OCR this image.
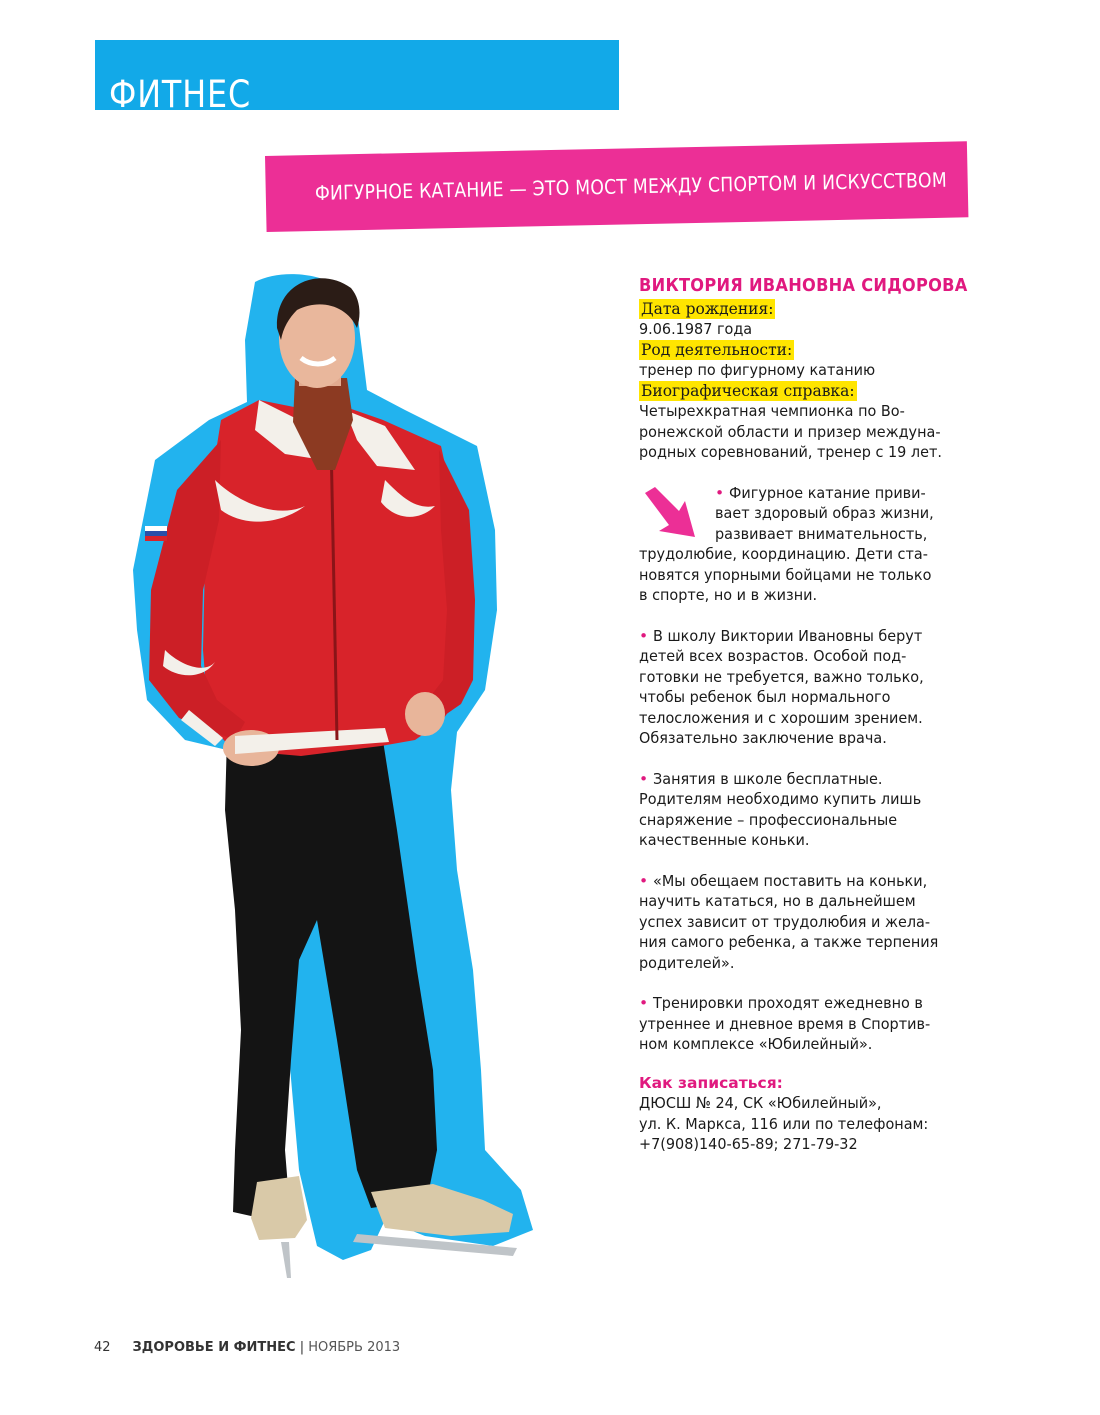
ФИТНЕС
ФИГУРНОЕ КАТАНИЕ — ЭТО МОСТ МЕЖДУ СПОРТОМ И ИСКУССТВОМ
ВИКТОРИЯ ИВАНОВНА СИДОРОВА
Дата рождения:
9.06.1987 года
Род деятельности:
тренер по фигурному катанию
Биографическая справка:
Четырехкратная чемпионка по Во-
ронежской области и призер междуна-
родных соревнований, тренер с 19 лет.
• Фигурное катание приви-
вает здоровый образ жизни,
развивает внимательность,
трудолюбие, координацию. Дети ста-
новятся упорными бойцами не только
в спорте, но и в жизни.
• В школу Виктории Ивановны берут
детей всех возрастов. Особой под-
готовки не требуется, важно только,
чтобы ребенок был нормального
телосложения и с хорошим зрением.
Обязательно заключение врача.
• Занятия в школе бесплатные.
Родителям необходимо купить лишь
снаряжение – профессиональные
качественные коньки.
• «Мы обещаем поставить на коньки,
научить кататься, но в дальнейшем
успех зависит от трудолюбия и жела-
ния самого ребенка, а также терпения
родителей».
• Тренировки проходят ежедневно в
утреннее и дневное время в Спортив-
ном комплексе «Юбилейный».
Как записаться:
ДЮСШ № 24, СК «Юбилейный»,
ул. К. Маркса, 116 или по телефонам:
+7(908)140-65-89; 271-79-32
42 ЗДОРОВЬЕ И ФИТНЕС | НОЯБРЬ 2013
